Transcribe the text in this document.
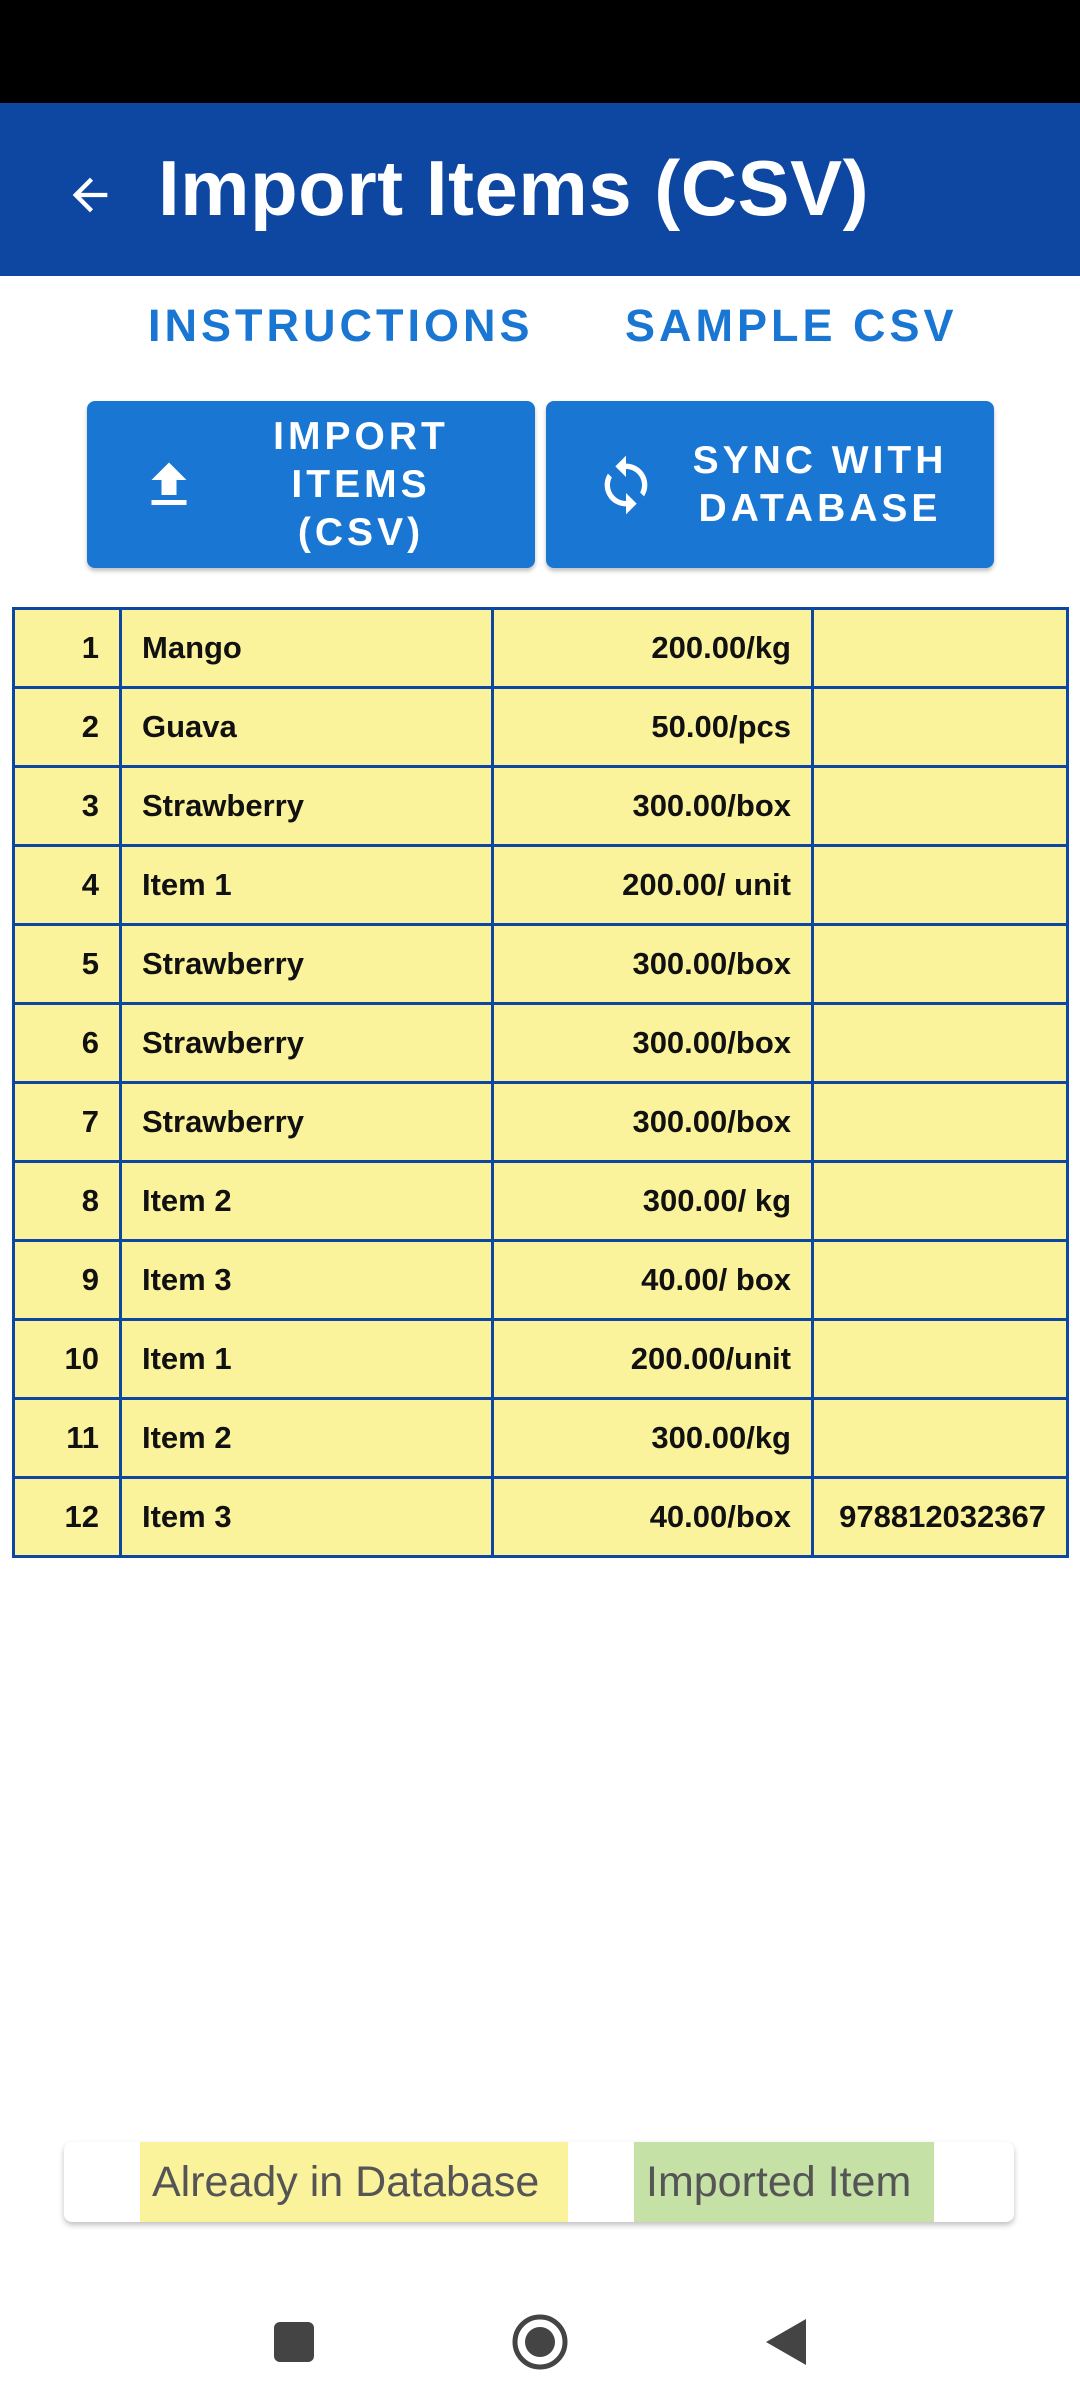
Import Items (CSV)
INSTRUCTIONS SAMPLE CSV
IMPORT
ITEMS
(CSV)
SYNC WITH
DATABASE
1	Mango	200.00/kg	
2	Guava	50.00/pcs	
3	Strawberry	300.00/box	
4	Item 1	200.00/ unit	
5	Strawberry	300.00/box	
6	Strawberry	300.00/box	
7	Strawberry	300.00/box	
8	Item 2	300.00/ kg	
9	Item 3	40.00/ box	
10	Item 1	200.00/unit	
11	Item 2	300.00/kg	
12	Item 3	40.00/box	978812032367
Already in Database	Imported Item
